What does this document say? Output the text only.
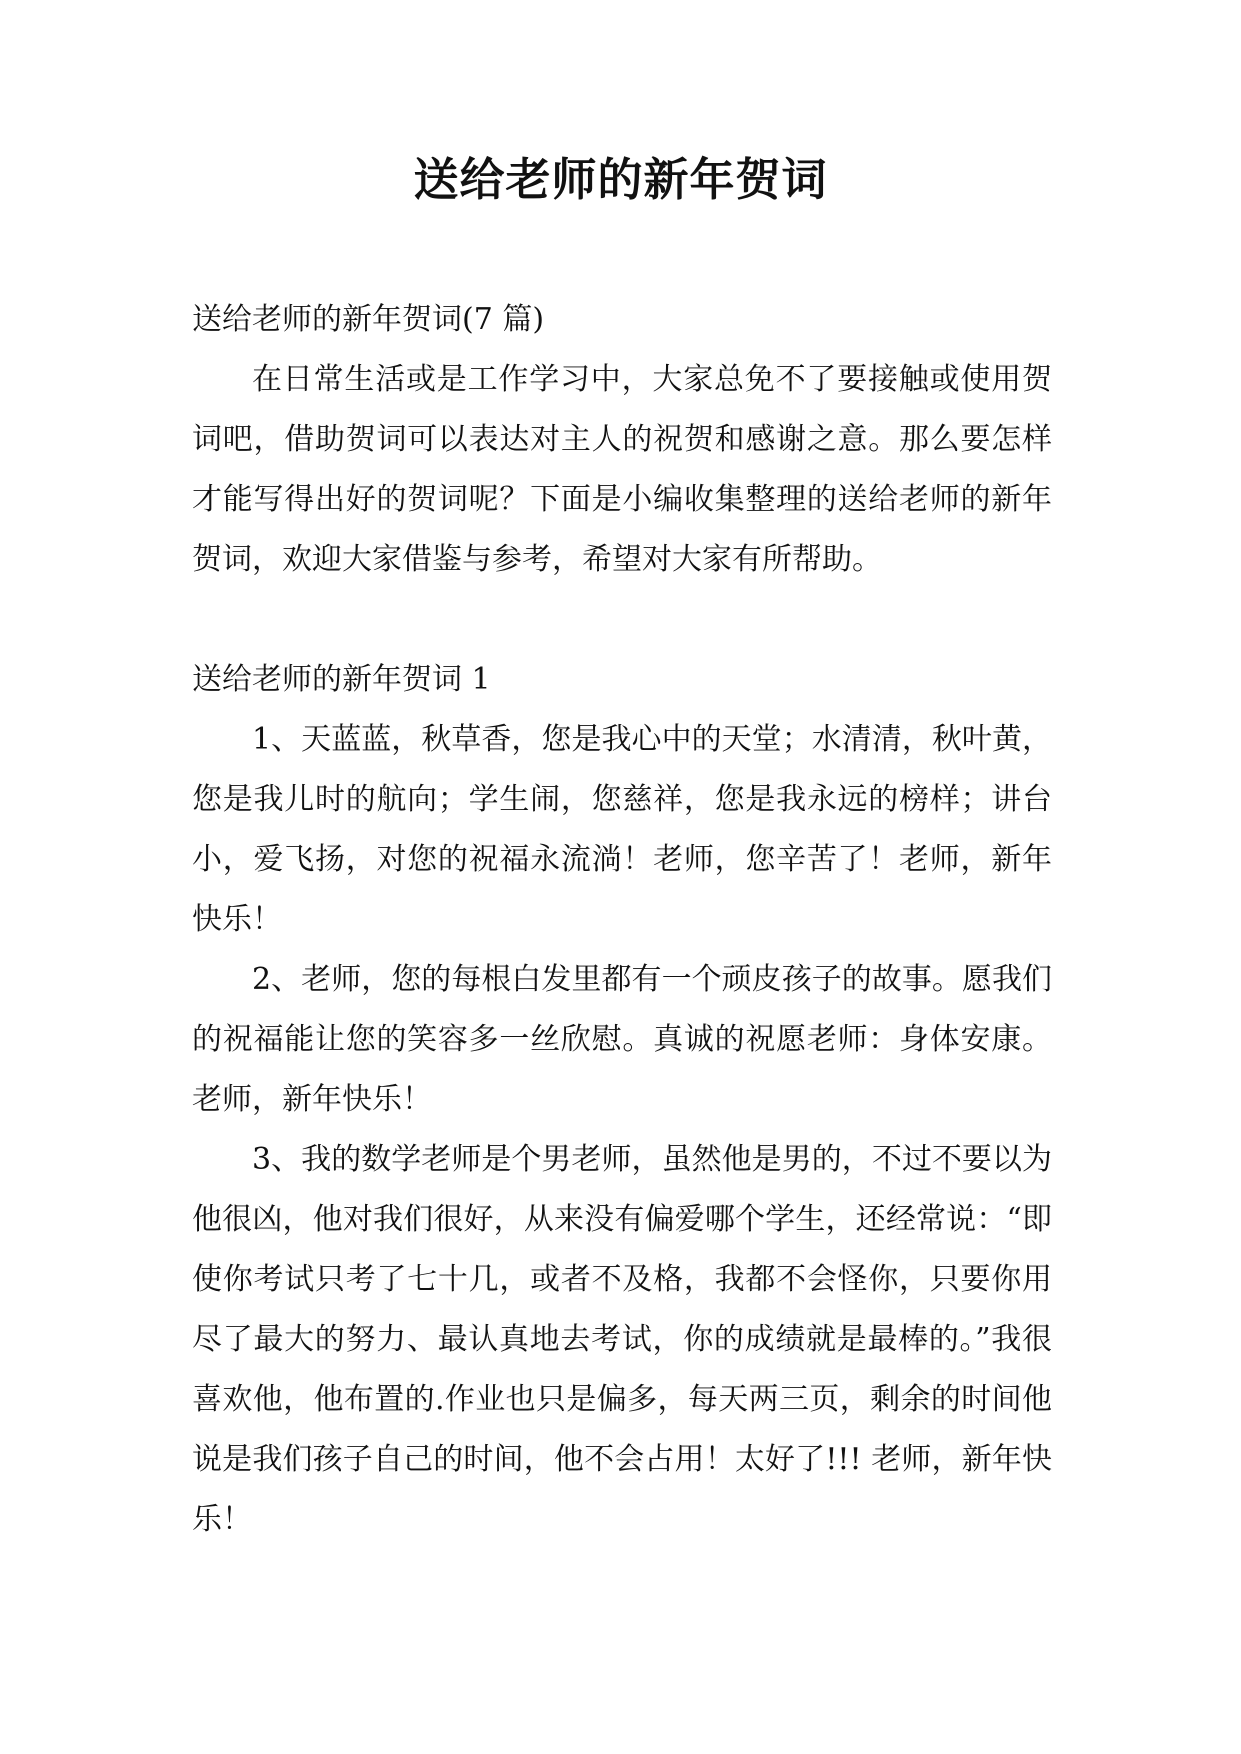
送给老师的新年贺词

送给老师的新年贺词(7 篇)

在日常生活或是工作学习中，大家总免不了要接触或使用贺词吧，借助贺词可以表达对主人的祝贺和感谢之意。那么要怎样才能写得出好的贺词呢？下面是小编收集整理的送给老师的新年贺词，欢迎大家借鉴与参考，希望对大家有所帮助。

送给老师的新年贺词 1

1、天蓝蓝，秋草香，您是我心中的天堂；水清清，秋叶黄，您是我儿时的航向；学生闹，您慈祥，您是我永远的榜样；讲台小，爱飞扬，对您的祝福永流淌！老师，您辛苦了！老师，新年快乐！

2、老师，您的每根白发里都有一个顽皮孩子的故事。愿我们的祝福能让您的笑容多一丝欣慰。真诚的祝愿老师：身体安康。老师，新年快乐！

3、我的数学老师是个男老师，虽然他是男的，不过不要以为他很凶，他对我们很好，从来没有偏爱哪个学生，还经常说：“即使你考试只考了七十几，或者不及格，我都不会怪你，只要你用尽了最大的努力、最认真地去考试，你的成绩就是最棒的。”我很喜欢他，他布置的.作业也只是偏多，每天两三页，剩余的时间他说是我们孩子自己的时间，他不会占用！太好了!!! 老师，新年快乐！
